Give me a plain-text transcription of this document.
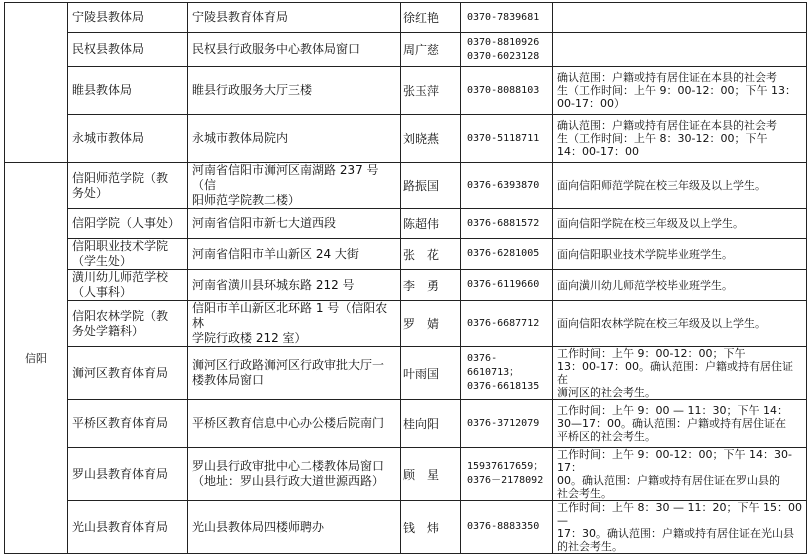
	宁陵县教体局	宁陵县教育体育局	徐红艳	0370-7839681	

	民权县教体局	民权县行政服务中心教体局窗口	周广慈	0370-8810926
0370-6023128	

	睢县教体局	睢县行政服务大厅三楼	张玉萍	0370-8088103	确认范围：户籍或持有居住证在本县的社会考
生（工作时间：上午 9：00-12：00；下午 13：
00-17：00）

	永城市教体局	永城市教体局院内	刘晓燕	0370-5118711	确认范围：户籍或持有居住证在本县的社会考
生（工作时间：上午 8：30-12：00；下午
14：00-17：00

信阳	信阳师范学院（教
务处）	河南省信阳市浉河区南湖路 237 号（信
阳师范学院教二楼）	路振国	0376-6393870	面向信阳师范学院在校三年级及以上学生。

	信阳学院（人事处）	河南省信阳市新七大道西段	陈超伟	0376-6881572	面向信阳学院在校三年级及以上学生。

	信阳职业技术学院
（学生处）	河南省信阳市羊山新区 24 大街	张　花	0376-6281005	面向信阳职业技术学院毕业班学生。

	潢川幼儿师范学校
（人事科）	河南省潢川县环城东路 212 号	李　勇	0376-6119660	面向潢川幼儿师范学校毕业班学生。

	信阳农林学院（教
务处学籍科）	信阳市羊山新区北环路 1 号（信阳农林
学院行政楼 212 室）	罗　婧	0376-6687712	面向信阳农林学院在校三年级及以上学生。

	浉河区教育体育局	浉河区行政路浉河区行政审批大厅一
楼教体局窗口	叶雨国	0376-6610713；
0376-6618135	工作时间：上午 9：00-12：00；下午
13：00-17：00。确认范围：户籍或持有居住证在
浉河区的社会考生。

	平桥区教育体育局	平桥区教育信息中心办公楼后院南门	桂向阳	0376-3712079	工作时间：上午 9：00 — 11：30；下午 14：
30—17：00。确认范围：户籍或持有居住证在
平桥区的社会考生。

	罗山县教育体育局	罗山县行政审批中心二楼教体局窗口
（地址：罗山县行政大道世源西路）	顾　星	15937617659；
0376－2178092	工作时间：上午 9：00-12：00；下午 14：30-17：
00。确认范围：户籍或持有居住证在罗山县的
社会考生。

	光山县教育体育局	光山县教体局四楼师聘办	钱　炜	0376-8883350	工作时间：上午 8：30 — 11：20；下午 15：00 —
17：30。确认范围：户籍或持有居住证在光山县
的社会考生。
